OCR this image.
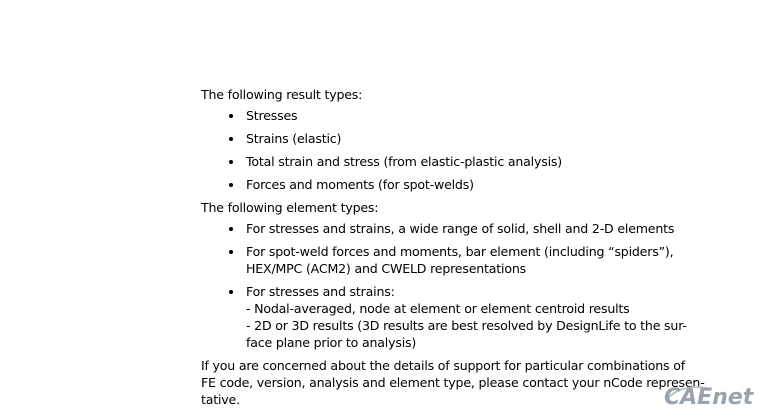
The following result types:

Stresses
Strains (elastic)
Total strain and stress (from elastic-plastic analysis)
Forces and moments (for spot-welds)

The following element types:

For stresses and strains, a wide range of solid, shell and 2-D elements
For spot-weld forces and moments, bar element (including “spiders”),
HEX/MPC (ACM2) and CWELD representations
For stresses and strains:
- Nodal-averaged, node at element or element centroid results
- 2D or 3D results (3D results are best resolved by DesignLife to the sur-
face plane prior to analysis)

If you are concerned about the details of support for particular combinations of
FE code, version, analysis and element type, please contact your nCode represen-
tative.	CAEnet
